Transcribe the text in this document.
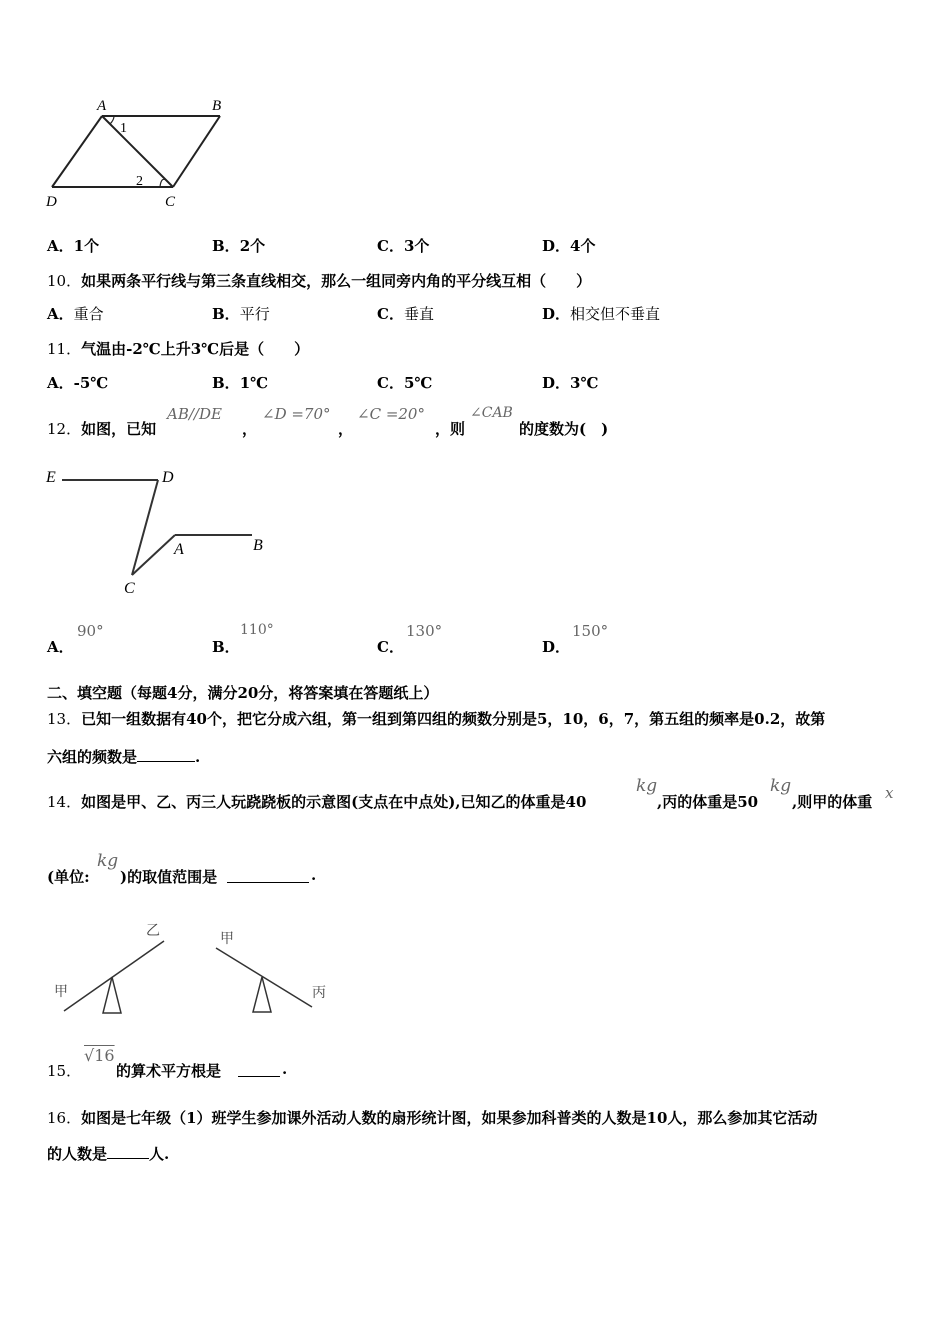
A	B
C
D
1
2
A．1个	B．2个	C．3个	D．4个
10．如果两条平行线与第三条直线相交，那么一组同旁内角的平分线互相（　　）
A．重合	B．平行	C．垂直	D．相交但不垂直
11．气温由-2℃上升3℃后是（　　）
A．-5℃	B．1℃	C．5℃	D．3℃
12．如图，已知
AB//DE
，
∠D =70°
，
∠C =20°
，则
∠CAB
的度数为(　)
E	D
A	B
C
A．
90°
B．
110°
C．
130°
D．
150°
二、填空题（每题4分，满分20分，将答案填在答题纸上）
13．已知一组数据有40个，把它分成六组，第一组到第四组的频数分别是5，10，6，7，第五组的频率是0.2，故第
六组的频数是	.
14．如图是甲、乙、丙三人玩跷跷板的示意图(支点在中点处),已知乙的体重是40
kg
,丙的体重是50
kg
,则甲的体重 x
(单位:
kg
)的取值范围是	.
乙
甲
甲
丙
15．
√16
的算术平方根是	.
16．如图是七年级（1）班学生参加课外活动人数的扇形统计图，如果参加科普类的人数是10人，那么参加其它活动
的人数是	人.
